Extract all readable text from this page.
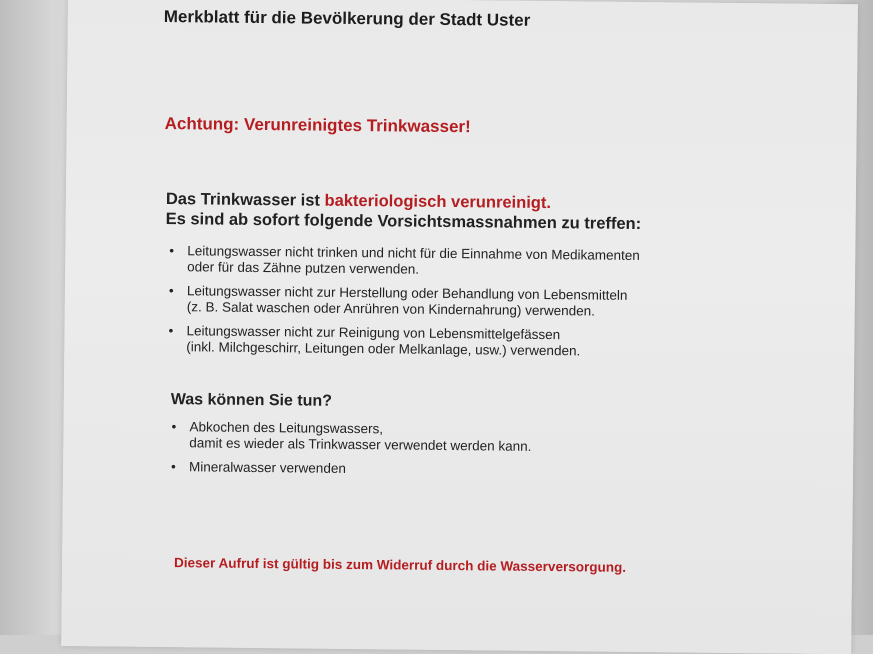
Merkblatt für die Bevölkerung der Stadt Uster
Achtung: Verunreinigtes Trinkwasser!
Das Trinkwasser ist bakteriologisch verunreinigt.
Es sind ab sofort folgende Vorsichtsmassnahmen zu treffen:
• Leitungswasser nicht trinken und nicht für die Einnahme von Medikamenten
oder für das Zähne putzen verwenden.
• Leitungswasser nicht zur Herstellung oder Behandlung von Lebensmitteln
(z. B. Salat waschen oder Anrühren von Kindernahrung) verwenden.
• Leitungswasser nicht zur Reinigung von Lebensmittelgefässen
(inkl. Milchgeschirr, Leitungen oder Melkanlage, usw.) verwenden.
Was können Sie tun?
• Abkochen des Leitungswassers,
damit es wieder als Trinkwasser verwendet werden kann.
• Mineralwasser verwenden
Dieser Aufruf ist gültig bis zum Widerruf durch die Wasserversorgung.
